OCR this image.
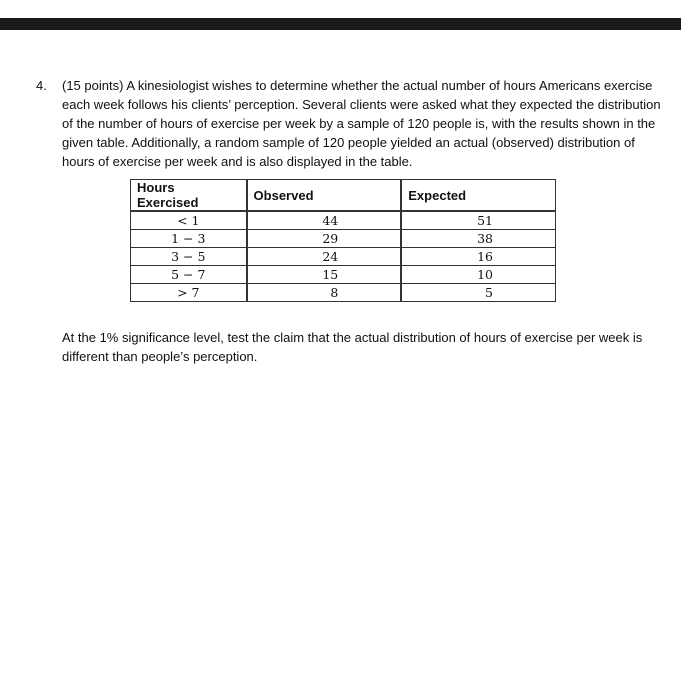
4.	(15 points) A kinesiologist wishes to determine whether the actual number of hours Americans exercise each week follows his clients’ perception. Several clients were asked what they expected the distribution of the number of hours of exercise per week by a sample of 120 people is, with the results shown in the given table. Additionally, a random sample of 120 people yielded an actual (observed) distribution of hours of exercise per week and is also displayed in the table.
Hours Exercised	Observed	Expected
< 1	44	51
1 − 3	29	38
3 − 5	24	16
5 − 7	15	10
> 7	8	5
At the 1% significance level, test the claim that the actual distribution of hours of exercise per week is different than people’s perception.
